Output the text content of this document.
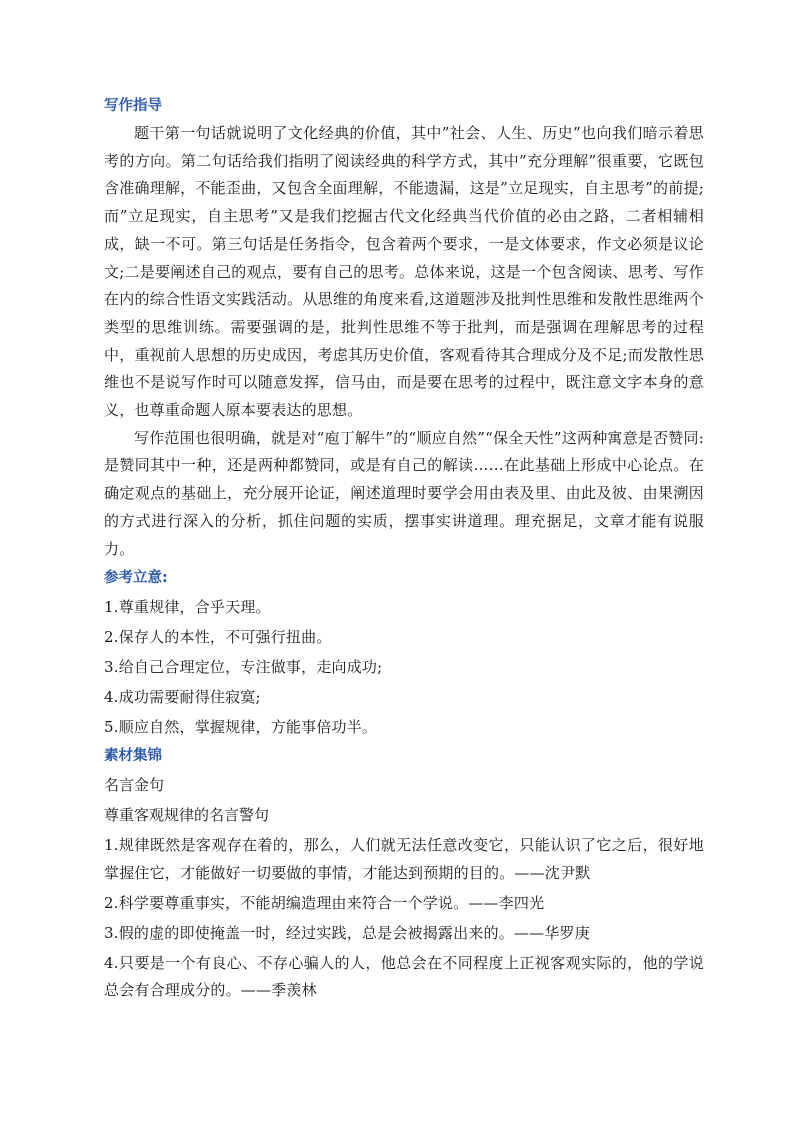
写作指导

题干第一句话就说明了文化经典的价值，其中”社会、人生、历史”也向我们暗示着思考的方向。第二句话给我们指明了阅读经典的科学方式，其中”充分理解”很重要，它既包含准确理解，不能歪曲，又包含全面理解，不能遗漏，这是”立足现实，自主思考”的前提;而”立足现实，自主思考”又是我们挖掘古代文化经典当代价值的必由之路，二者相辅相成，缺一不可。第三句话是任务指令，包含着两个要求，一是文体要求，作文必须是议论文;二是要阐述自己的观点，要有自己的思考。总体来说，这是一个包含阅读、思考、写作在内的综合性语文实践活动。从思维的角度来看,这道题涉及批判性思维和发散性思维两个类型的思维训练。需要强调的是，批判性思维不等于批判，而是强调在理解思考的过程中，重视前人思想的历史成因，考虑其历史价值，客观看待其合理成分及不足;而发散性思维也不是说写作时可以随意发挥，信马由，而是要在思考的过程中，既注意文字本身的意义，也尊重命题人原本要表达的思想。

写作范围也很明确，就是对“庖丁解牛”的“顺应自然”“保全天性”这两种寓意是否赞同: 是赞同其中一种，还是两种都赞同，或是有自己的解读……在此基础上形成中心论点。在确定观点的基础上，充分展开论证，阐述道理时要学会用由表及里、由此及彼、由果溯因的方式进行深入的分析，抓住问题的实质，摆事实讲道理。理充据足，文章才能有说服力。

参考立意:

1.尊重规律，合乎天理。

2.保存人的本性，不可强行扭曲。

3.给自己合理定位，专注做事，走向成功;

4.成功需要耐得住寂寞;

5.顺应自然，掌握规律，方能事倍功半。

素材集锦

名言金句

尊重客观规律的名言警句

1.规律既然是客观存在着的，那么，人们就无法任意改变它，只能认识了它之后，很好地掌握住它，才能做好一切要做的事情，才能达到预期的目的。——沈尹默

2.科学要尊重事实，不能胡编造理由来符合一个学说。——李四光

3.假的虚的即使掩盖一时，经过实践，总是会被揭露出来的。——华罗庚

4.只要是一个有良心、不存心骗人的人，他总会在不同程度上正视客观实际的，他的学说总会有合理成分的。——季羡林
